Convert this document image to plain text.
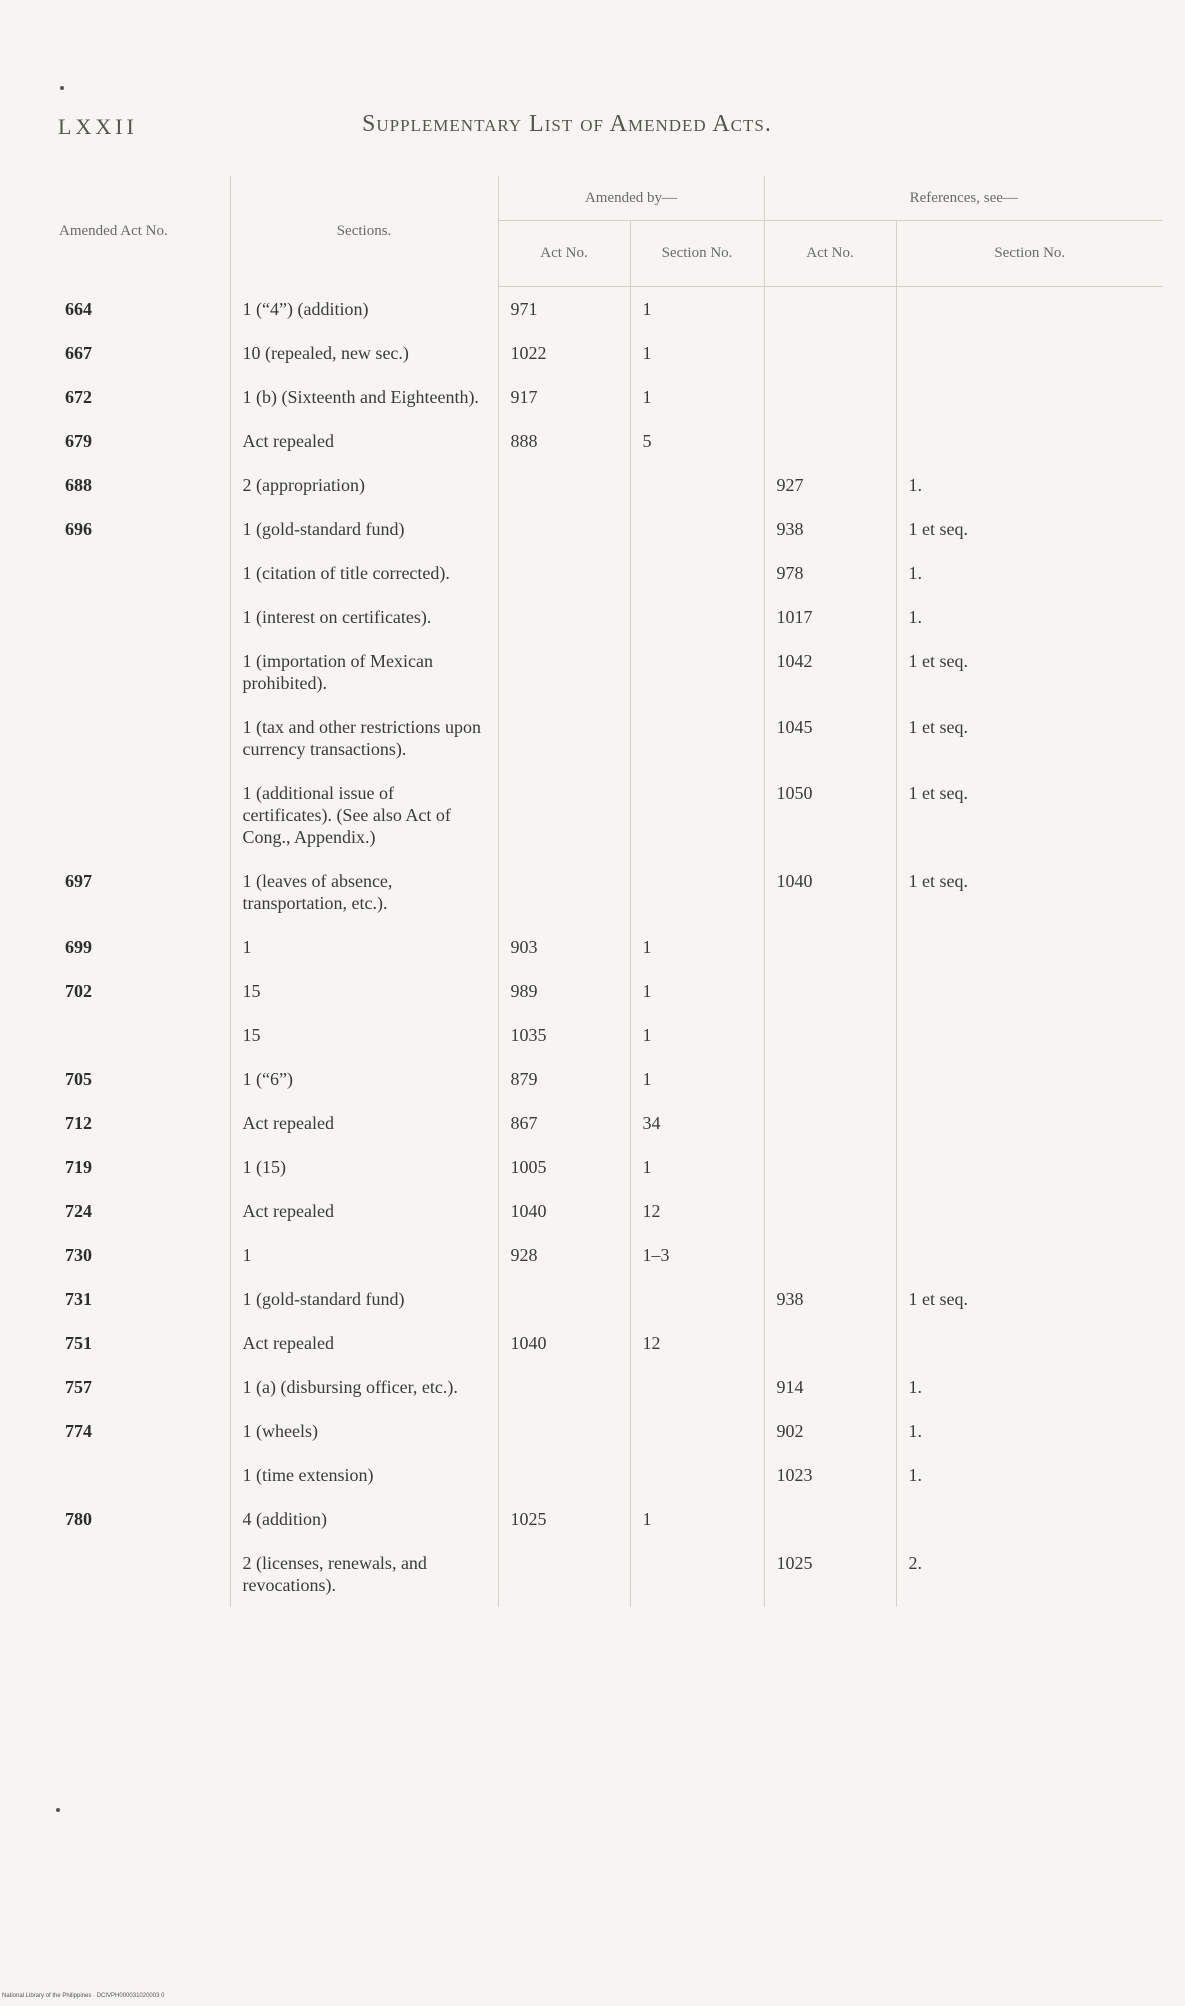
LXXII	Supplementary List of Amended Acts.
Amended Act No.	Sections.	Amended by—		References, see—	
		Act No.	Section No.	Act No.	Section No.
664	1 (“4”) (addition)	971	1		
667	10 (repealed, new sec.)	1022	1		
672	1 (b) (Sixteenth and Eighteenth).	917	1		
679	Act repealed	888	5		
688	2 (appropriation)			927	1.
696	1 (gold-standard fund)			938	1 et seq.
	1 (citation of title corrected).			978	1.
	1 (interest on certificates).			1017	1.
	1 (importation of Mexican prohibited).			1042	1 et seq.
	1 (tax and other restrictions upon currency transactions).			1045	1 et seq.
	1 (additional issue of certificates). (See also Act of Cong., Appendix.)			1050	1 et seq.
697	1 (leaves of absence, transportation, etc.).			1040	1 et seq.
699	1	903	1		
702	15	989	1		
	15	1035	1		
705	1 (“6”)	879	1		
712	Act repealed	867	34		
719	1 (15)	1005	1		
724	Act repealed	1040	12		
730	1	928	1–3		
731	1 (gold-standard fund)			938	1 et seq.
751	Act repealed	1040	12		
757	1 (a) (disbursing officer, etc.).			914	1.
774	1 (wheels)			902	1.
	1 (time extension)			1023	1.
780	4 (addition)	1025	1		
	2 (licenses, renewals, and revocations).			1025	2.
National Library of the Philippines · DCIVPH000031020003 0
